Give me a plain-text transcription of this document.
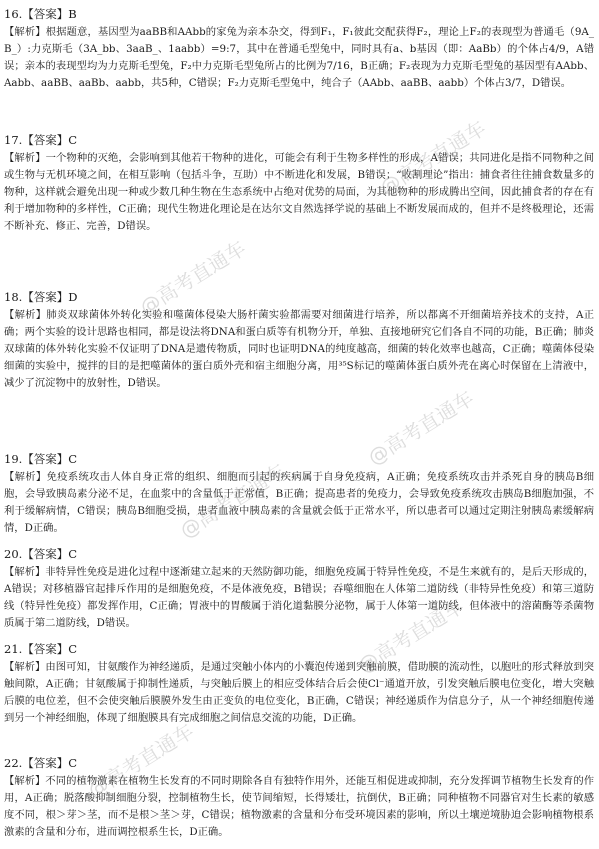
16.【答案】B
【解析】根据题意，基因型为aaBB和AAbb的家兔为亲本杂交，得到F₁，F₁彼此交配获得F₂，理论上F₂的表现型为普通毛（9A_B_）:力克斯毛（3A_bb、3aaB_、1aabb）=9:7，其中在普通毛型兔中，同时具有a、b基因（即：AaBb）的个体占4/9，A错误；亲本的表现型均为力克斯毛型兔，F₂中力克斯毛型兔所占的比例为7/16，B正确；F₂表现为力克斯毛型兔的基因型有AAbb、Aabb、aaBB、aaBb、aabb，共5种，C错误；F₂力克斯毛型兔中，纯合子（AAbb、aaBB、aabb）个体占3/7，D错误。
17.【答案】C
【解析】一个物种的灭绝，会影响到其他若干物种的进化，可能会有利于生物多样性的形成，A错误；共同进化是指不同物种之间或生物与无机环境之间，在相互影响（包括斗争，互助）中不断进化和发展，B错误；“收割理论”指出：捕食者往往捕食数量多的物种，这样就会避免出现一种或少数几种生物在生态系统中占绝对优势的局面，为其他物种的形成腾出空间，因此捕食者的存在有利于增加物种的多样性，C正确；现代生物进化理论是在达尔文自然选择学说的基础上不断发展而成的，但并不是终极理论，还需不断补充、修正、完善，D错误。
18.【答案】D
【解析】肺炎双球菌体外转化实验和噬菌体侵染大肠杆菌实验都需要对细菌进行培养，所以都离不开细菌培养技术的支持，A正确；两个实验的设计思路也相同，都是设法将DNA和蛋白质等有机物分开，单独、直接地研究它们各自不同的功能，B正确；肺炎双球菌的体外转化实验不仅证明了DNA是遗传物质，同时也证明DNA的纯度越高，细菌的转化效率也越高，C正确；噬菌体侵染细菌的实验中，搅拌的目的是把噬菌体的蛋白质外壳和宿主细胞分离，用³⁵S标记的噬菌体蛋白质外壳在离心时保留在上清液中，减少了沉淀物中的放射性，D错误。
19.【答案】C
【解析】免疫系统攻击人体自身正常的组织、细胞而引起的疾病属于自身免疫病，A正确；免疫系统攻击并杀死自身的胰岛B细胞，会导致胰岛素分泌不足，在血浆中的含量低于正常值，B正确；提高患者的免疫力，会导致免疫系统攻击胰岛B细胞加强，不利于缓解病情，C错误；胰岛B细胞受损，患者血液中胰岛素的含量就会低于正常水平，所以患者可以通过定期注射胰岛素缓解病情，D正确。
20.【答案】C
【解析】非特异性免疫是进化过程中逐渐建立起来的天然防御功能，细胞免疫属于特异性免疫，不是生来就有的，是后天形成的，A错误；对移植器官起排斥作用的是细胞免疫，不是体液免疫，B错误；吞噬细胞在人体第二道防线（非特异性免疫）和第三道防线（特异性免疫）都发挥作用，C正确；胃液中的胃酸属于消化道黏膜分泌物，属于人体第一道防线，但体液中的溶菌酶等杀菌物质属于第二道防线，D错误。
21.【答案】C
【解析】由图可知，甘氨酸作为神经递质，是通过突触小体内的小囊泡传递到突触前膜，借助膜的流动性，以胞吐的形式释放到突触间隙，A正确；甘氨酸属于抑制性递质，与突触后膜上的相应受体结合后会使Cl⁻通道开放，引发突触后膜电位变化，增大突触后膜的电位差，但不会使突触后膜膜外发生由正变负的电位变化，B正确，C错误；神经递质作为信息分子，从一个神经细胞传递到另一个神经细胞，体现了细胞膜具有完成细胞之间信息交流的功能，D正确。
22.【答案】C
【解析】不同的植物激素在植物生长发育的不同时期除各自有独特作用外，还能互相促进或抑制，充分发挥调节植物生长发育的作用，A正确；脱落酸抑制细胞分裂，控制植物生长，使节间缩短，长得矮壮，抗倒伏，B正确；同种植物不同器官对生长素的敏感度不同，根＞芽＞茎，而不是根＞茎＞芽，C错误；植物激素的含量和分布受环境因素的影响，所以土壤逆境胁迫会影响植物根系激素的含量和分布，进而调控根系生长，D正确。
@高考直通车
@高考直通车
@高考直通车
@高考直通车
@高考直通车
@高考直通车
